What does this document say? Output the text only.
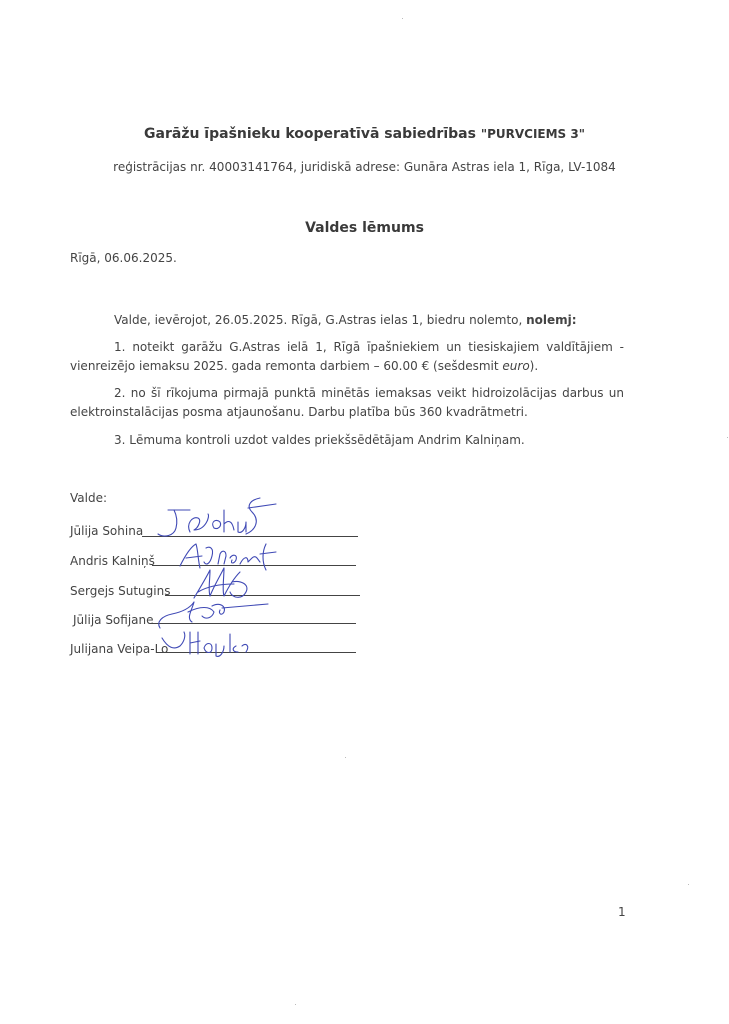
Garāžu īpašnieku kooperatīvā sabiedrības "PURVCIEMS 3"
reģistrācijas nr. 40003141764, juridiskā adrese: Gunāra Astras iela 1, Rīga, LV-1084
Valdes lēmums
Rīgā, 06.06.2025.
Valde, ievērojot, 26.05.2025. Rīgā, G.Astras ielas 1, biedru nolemto, nolemj:
1. noteikt garāžu G.Astras ielā 1, Rīgā īpašniekiem un tiesiskajiem valdītājiem - vienreizējo iemaksu 2025. gada remonta darbiem – 60.00 € (sešdesmit euro).
2. no šī rīkojuma pirmajā punktā minētās iemaksas veikt hidroizolācijas darbus un elektroinstalācijas posma atjaunošanu. Darbu platība būs 360 kvadrātmetri.
3. Lēmuma kontroli uzdot valdes priekšsēdētājam Andrim Kalniņam.
Valde:
Jūlija Sohina
Andris Kalniņš
Sergejs Sutugins
Jūlija Sofijane
Julijana Veipa-Lo
1
